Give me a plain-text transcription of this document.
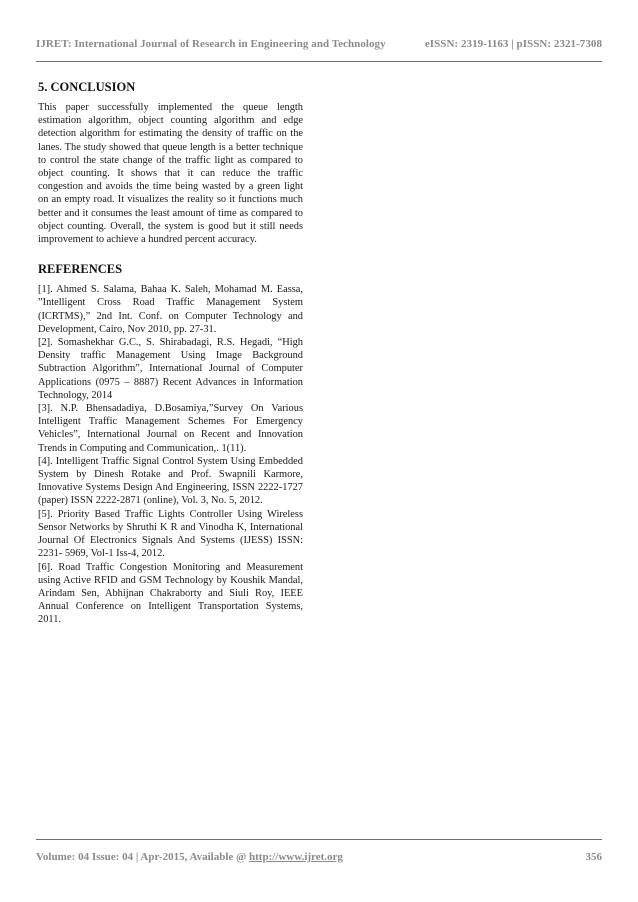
IJRET: International Journal of Research in Engineering and Technology	eISSN: 2319-1163 | pISSN: 2321-7308
5. CONCLUSION

This paper successfully implemented the queue length estimation algorithm, object counting algorithm and edge detection algorithm for estimating the density of traffic on the lanes. The study showed that queue length is a better technique to control the state change of the traffic light as compared to object counting. It shows that it can reduce the traffic congestion and avoids the time being wasted by a green light on an empty road. It visualizes the reality so it functions much better and it consumes the least amount of time as compared to object counting. Overall, the system is good but it still needs improvement to achieve a hundred percent accuracy.

REFERENCES
[1]. Ahmed S. Salama, Bahaa K. Saleh, Mohamad M. Eassa, ”Intelligent Cross Road Traffic Management System (ICRTMS),” 2nd Int. Conf. on Computer Technology and Development, Cairo, Nov 2010, pp. 27-31.
[2]. Somashekhar G.C., S. Shirabadagi, R.S. Hegadi, “High Density traffic Management Using Image Background Subtraction Algorithm”, International Journal of Computer Applications (0975 – 8887) Recent Advances in Information Technology, 2014
[3]. N.P. Bhensadadiya, D.Bosamiya,”Survey On Various Intelligent Traffic Management Schemes For Emergency Vehicles”, International Journal on Recent and Innovation Trends in Computing and Communication,. 1(11).
[4]. Intelligent Traffic Signal Control System Using Embedded System by Dinesh Rotake and Prof. Swapnili Karmore, Innovative Systems Design And Engineering, ISSN 2222-1727 (paper) ISSN 2222-2871 (online), Vol. 3, No. 5, 2012.
[5]. Priority Based Traffic Lights Controller Using Wireless Sensor Networks by Shruthi K R and Vinodha K, International Journal Of Electronics Signals And Systems (IJESS) ISSN: 2231- 5969, Vol-1 Iss-4, 2012.
[6]. Road Traffic Congestion Monitoring and Measurement using Active RFID and GSM Technology by Koushik Mandal, Arindam Sen, Abhijnan Chakraborty and Siuli Roy, IEEE Annual Conference on Intelligent Transportation Systems, 2011.
Volume: 04 Issue: 04 | Apr-2015, Available @ http://www.ijret.org	356
